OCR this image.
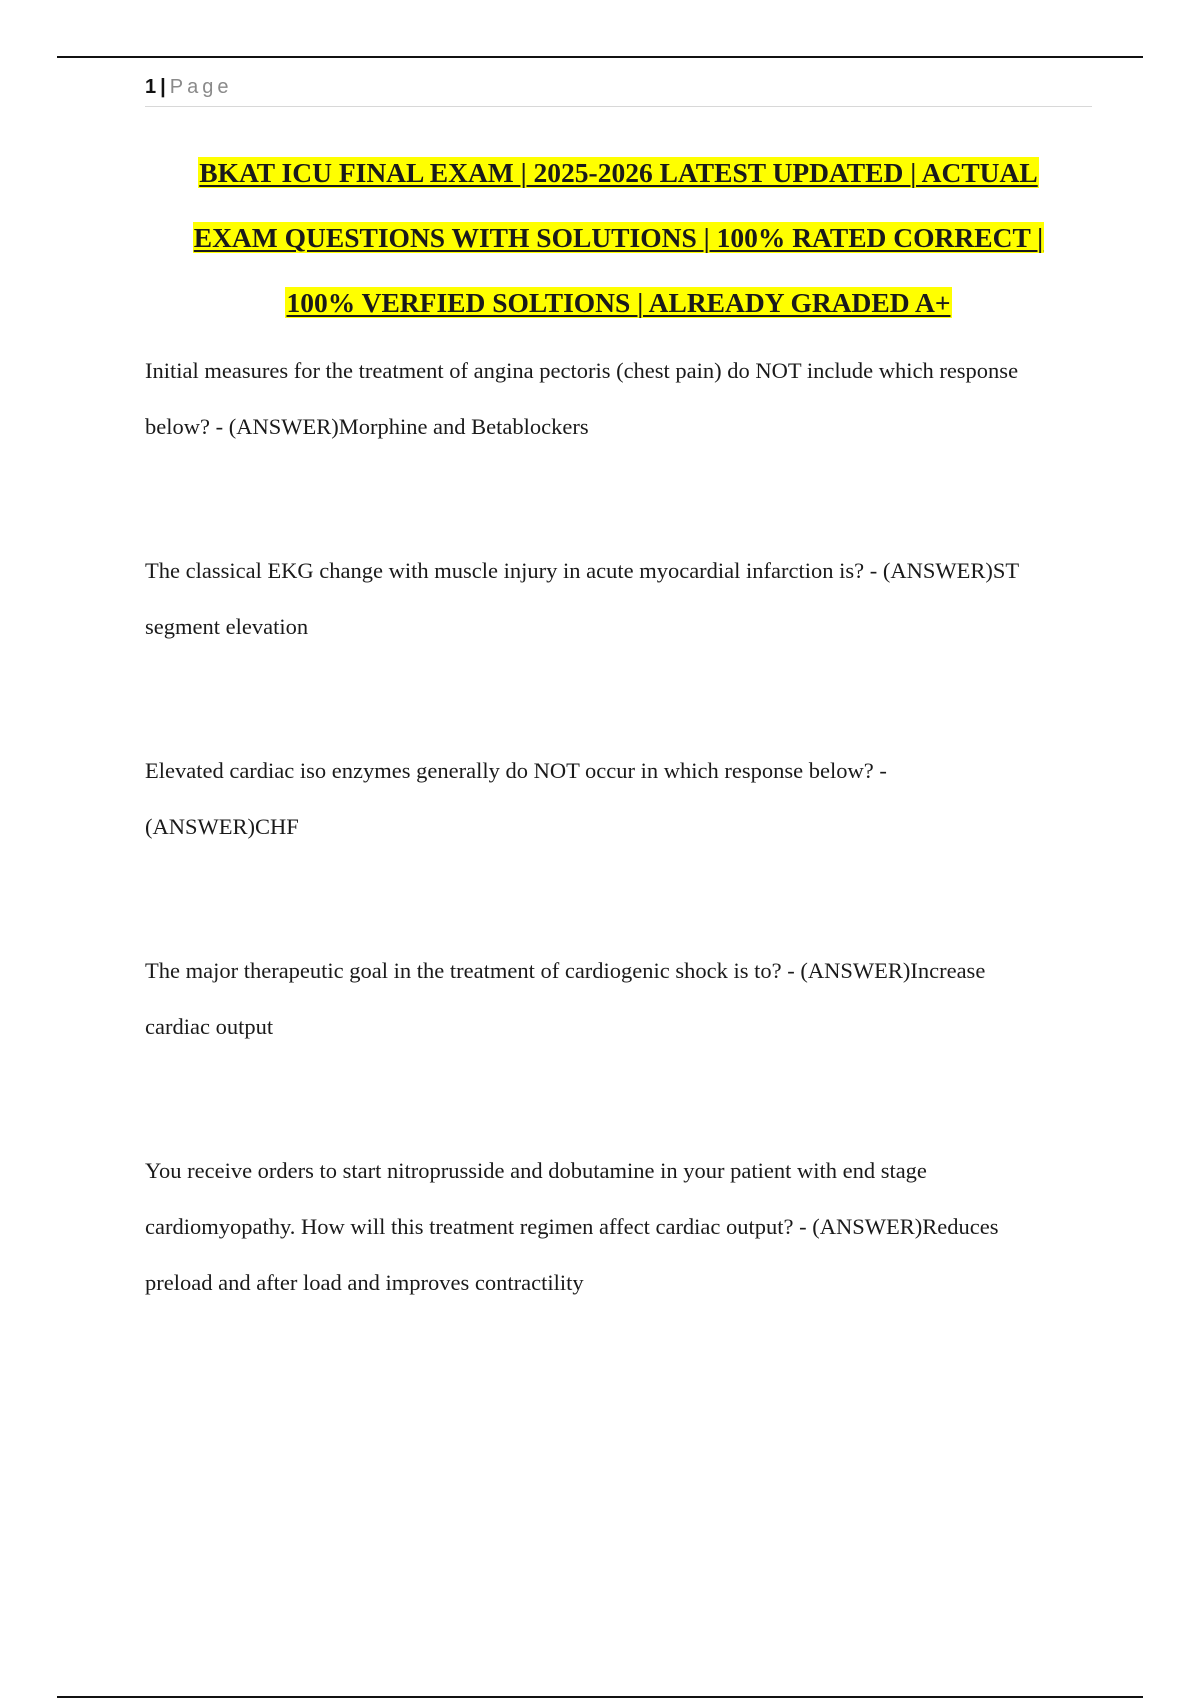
1 | Page
BKAT ICU FINAL EXAM | 2025-2026 LATEST UPDATED | ACTUAL
EXAM QUESTIONS WITH SOLUTIONS | 100% RATED CORRECT |
100% VERFIED SOLTIONS | ALREADY GRADED A+
Initial measures for the treatment of angina pectoris (chest pain) do NOT include which response
below? - (ANSWER)Morphine and Betablockers
The classical EKG change with muscle injury in acute myocardial infarction is? - (ANSWER)ST
segment elevation
Elevated cardiac iso enzymes generally do NOT occur in which response below? -
(ANSWER)CHF
The major therapeutic goal in the treatment of cardiogenic shock is to? - (ANSWER)Increase
cardiac output
You receive orders to start nitroprusside and dobutamine in your patient with end stage
cardiomyopathy. How will this treatment regimen affect cardiac output? - (ANSWER)Reduces
preload and after load and improves contractility
